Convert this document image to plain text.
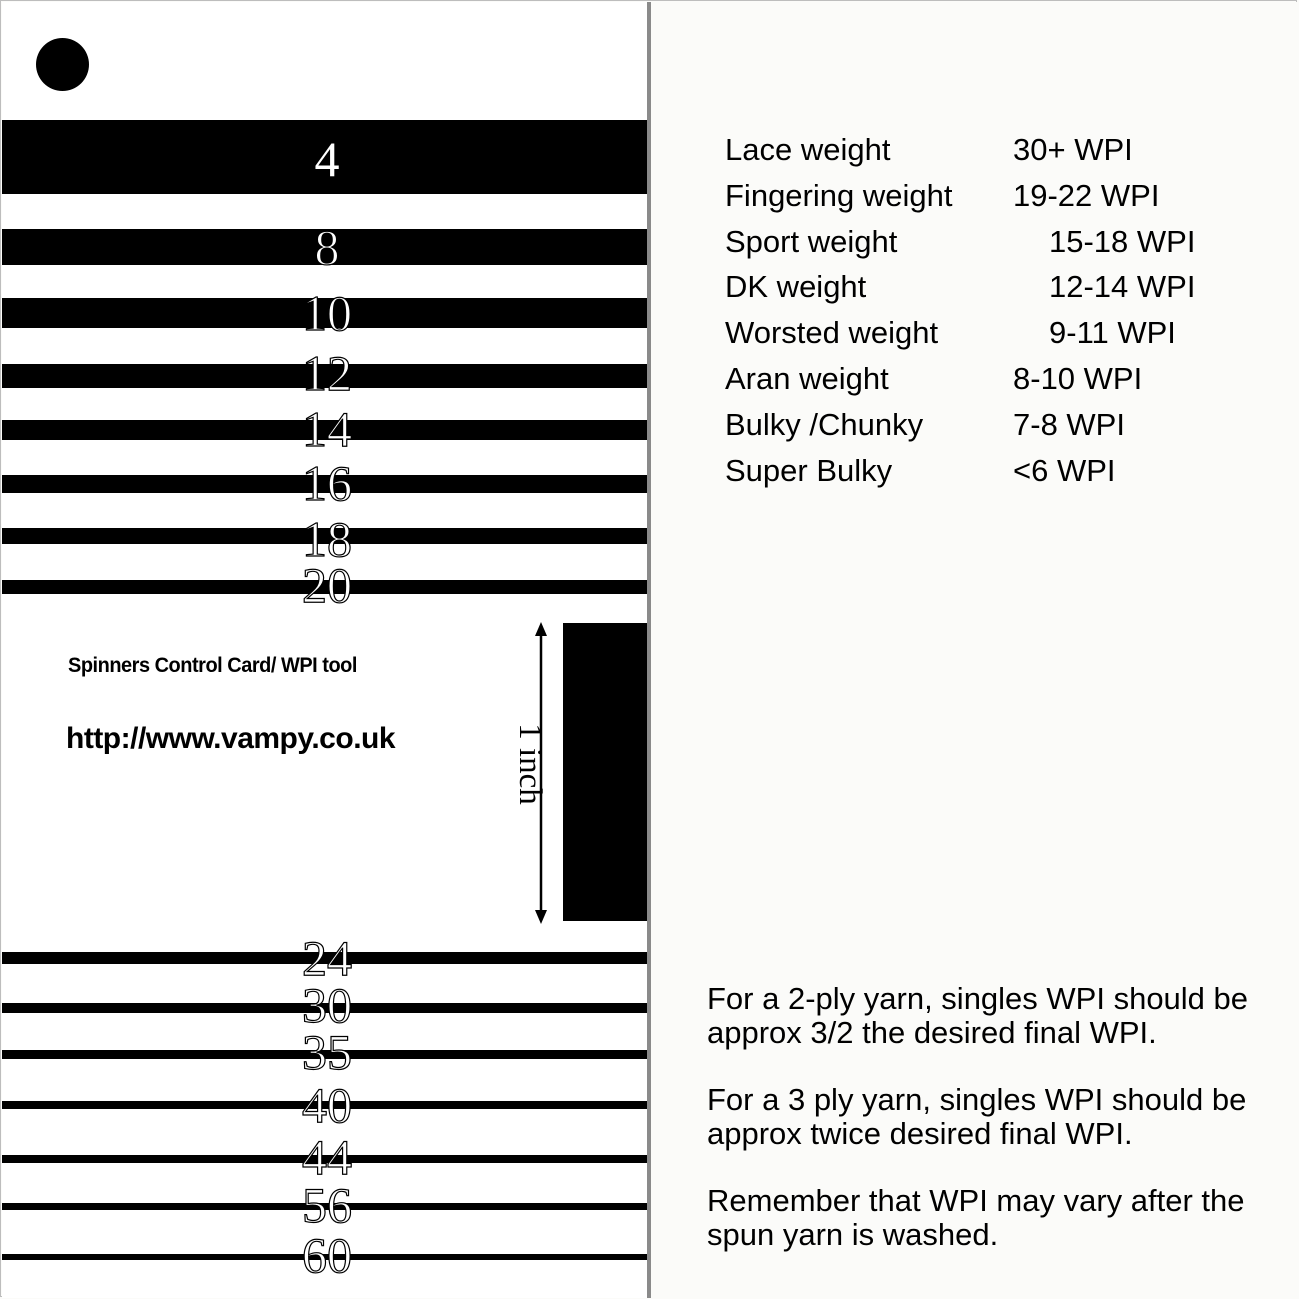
4
8
10
12
14
16
18
20
24
30
35
40
44
56
60
Spinners Control Card/ WPI tool
http://www.vampy.co.uk	1 inch
Lace weight	30+ WPI
Fingering weight 19-22 WPI
Sport weight	15-18 WPI
DK weight	12-14 WPI
Worsted weight	9-11 WPI
Aran weight	8-10 WPI
Bulky /Chunky	7-8 WPI
Super Bulky	<6 WPI

For a 2-ply yarn, singles WPI should be approx 3/2 the desired final WPI.

For a 3 ply yarn, singles WPI should be approx twice desired final WPI.

Remember that WPI may vary after the spun yarn is washed.
